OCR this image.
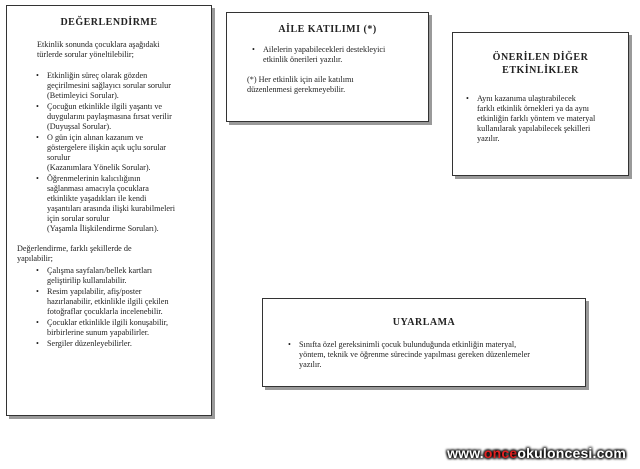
DEĞERLENDİRME

Etkinlik sonunda çocuklara aşağıdaki
türlerde sorular yöneltilebilir;

• Etkinliğin süreç olarak gözden
geçirilmesini sağlayıcı sorular sorulur
(Betimleyici Sorular).
• Çocuğun etkinlikle ilgili yaşantı ve
duygularını paylaşmasına fırsat verilir
(Duyuşsal Sorular).
• O gün için alınan kazanım ve
göstergelere ilişkin açık uçlu sorular
sorulur
(Kazanımlara Yönelik Sorular).
• Öğrenmelerinin kalıcılığının
sağlanması amacıyla çocuklara
etkinlikte yaşadıkları ile kendi
yaşantıları arasında ilişki kurabilmeleri
için sorular sorulur
(Yaşamla İlişkilendirme Soruları).

Değerlendirme, farklı şekillerde de
yapılabilir;

• Çalışma sayfaları/bellek kartları
geliştirilip kullanılabilir.
• Resim yapılabilir, afiş/poster
hazırlanabilir, etkinlikle ilgili çekilen
fotoğraflar çocuklarla incelenebilir.
• Çocuklar etkinlikle ilgili konuşabilir,
birbirlerine sunum yapabilirler.
• Sergiler düzenleyebilirler.

AİLE KATILIMI (*)

• Ailelerin yapabilecekleri destekleyici
etkinlik önerileri yazılır.

(*) Her etkinlik için aile katılımı
düzenlenmesi gerekmeyebilir.

ÖNERİLEN DİĞER
ETKİNLİKLER

• Aynı kazanıma ulaştırabilecek
farklı etkinlik örnekleri ya da aynı
etkinliğin farklı yöntem ve materyal
kullanılarak yapılabilecek şekilleri
yazılır.

UYARLAMA

• Sınıfta özel gereksinimli çocuk bulunduğunda etkinliğin materyal,
yöntem, teknik ve öğrenme sürecinde yapılması gereken düzenlemeler
yazılır.
www.onceokuloncesi.com
